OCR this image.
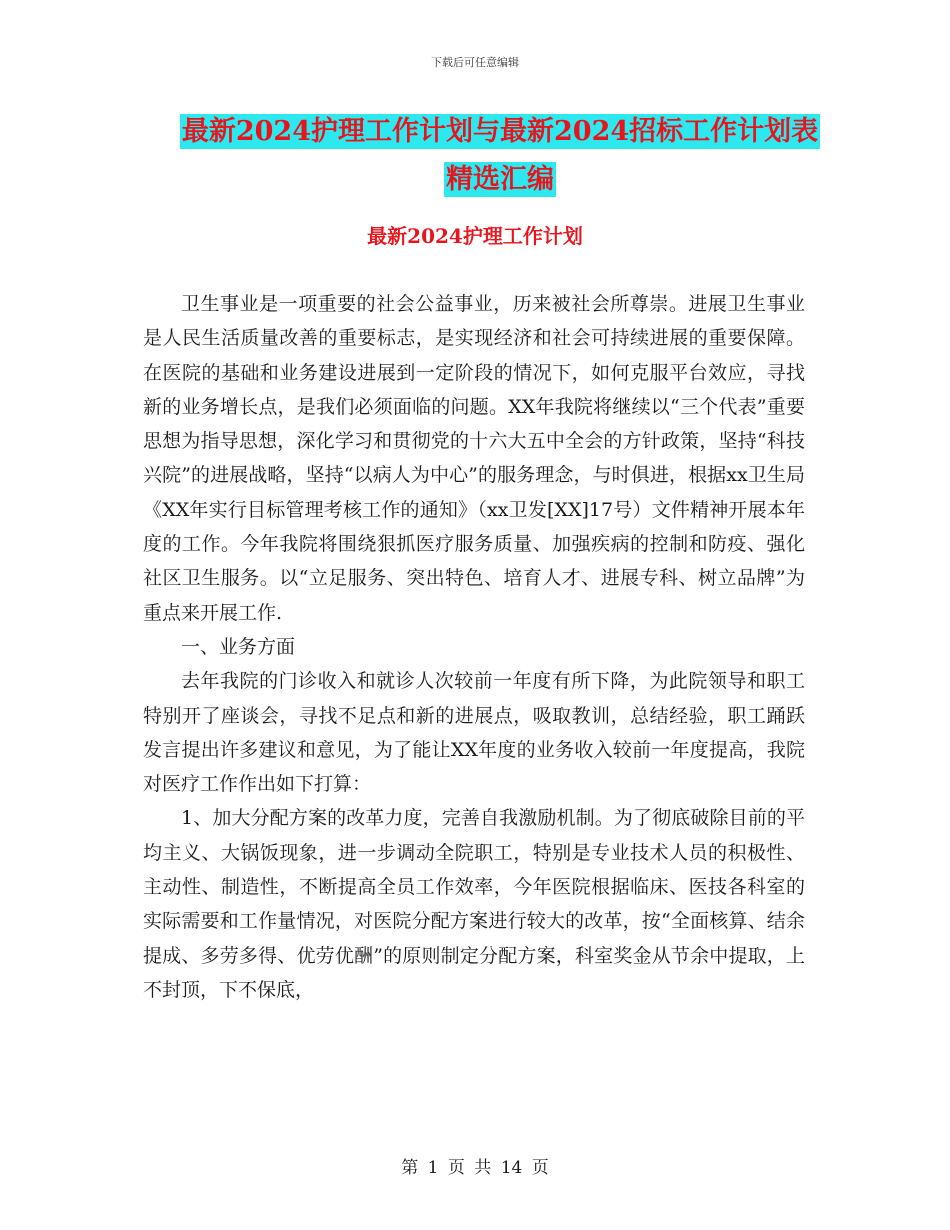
下载后可任意编辑
最新2024护理工作计划与最新2024招标工作计划表
精选汇编
最新2024护理工作计划

卫生事业是一项重要的社会公益事业，历来被社会所尊崇。进展卫生事业是人民生活质量改善的重要标志，是实现经济和社会可持续进展的重要保障。在医院的基础和业务建设进展到一定阶段的情况下，如何克服平台效应，寻找新的业务增长点，是我们必须面临的问题。XX年我院将继续以“三个代表”重要思想为指导思想，深化学习和贯彻党的十六大五中全会的方针政策，坚持“科技兴院”的进展战略，坚持“以病人为中心”的服务理念，与时俱进，根据xx卫生局《XX年实行目标管理考核工作的通知》（xx卫发[XX]17号）文件精神开展本年度的工作。今年我院将围绕狠抓医疗服务质量、加强疾病的控制和防疫、强化社区卫生服务。以“立足服务、突出特色、培育人才、进展专科、树立品牌”为重点来开展工作.

一、业务方面

去年我院的门诊收入和就诊人次较前一年度有所下降，为此院领导和职工特别开了座谈会，寻找不足点和新的进展点，吸取教训，总结经验，职工踊跃发言提出许多建议和意见，为了能让XX年度的业务收入较前一年度提高，我院对医疗工作作出如下打算：

1、加大分配方案的改革力度，完善自我激励机制。为了彻底破除目前的平均主义、大锅饭现象，进一步调动全院职工，特别是专业技术人员的积极性、主动性、制造性，不断提高全员工作效率，今年医院根据临床、医技各科室的实际需要和工作量情况，对医院分配方案进行较大的改革，按“全面核算、结余提成、多劳多得、优劳优酬”的原则制定分配方案，科室奖金从节余中提取，上不封顶，下不保底，

第 1 页 共 14 页
